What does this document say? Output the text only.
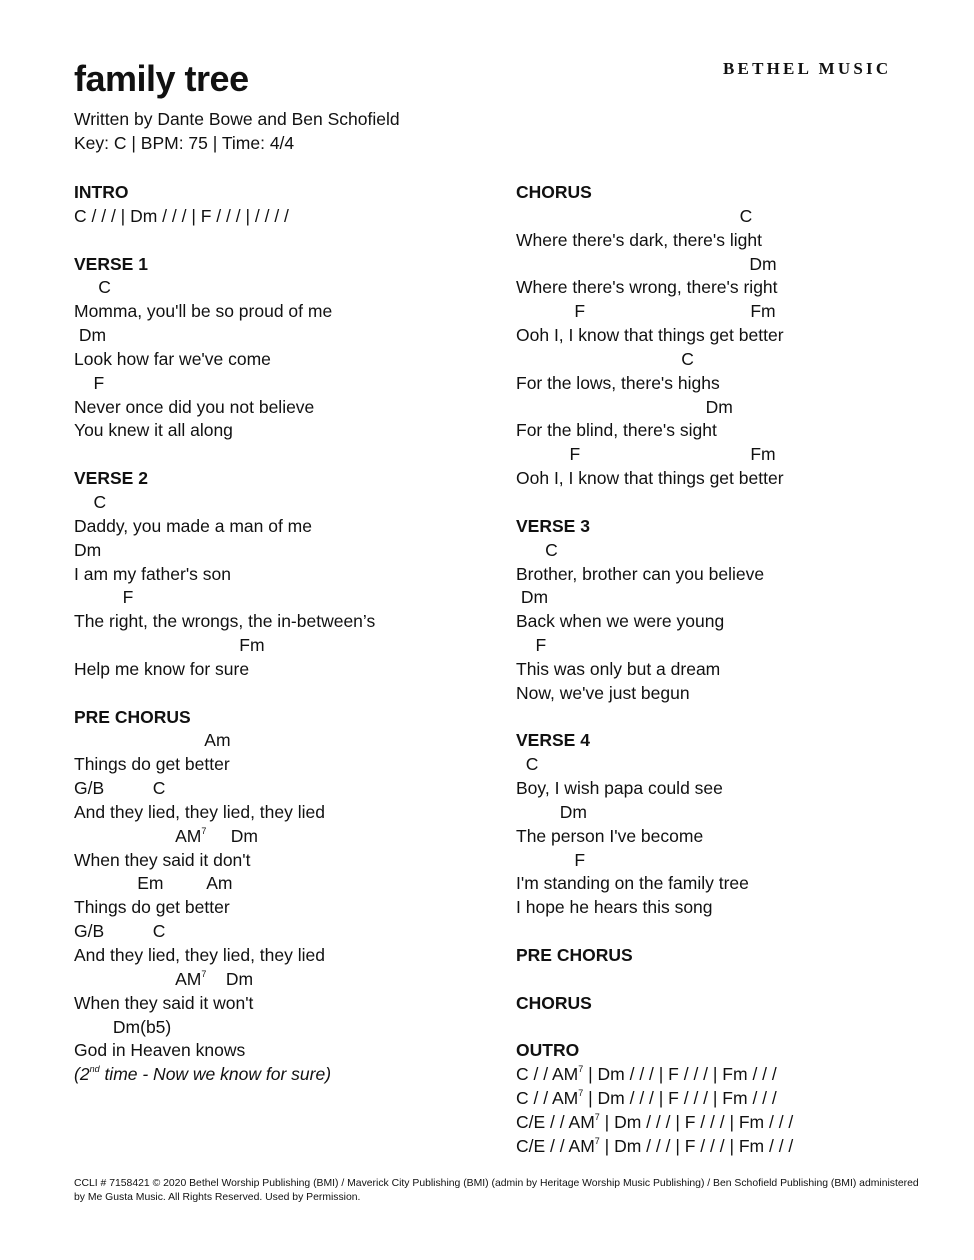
family tree	BETHEL MUSIC
Written by Dante Bowe and Ben Schofield
Key: C | BPM: 75 | Time: 4/4
INTRO
C / / / | Dm / / / | F / / / | / / / /
VERSE 1
C
Momma, you'll be so proud of me
Dm
Look how far we've come
F
Never once did you not believe
You knew it all along
VERSE 2
C
Daddy, you made a man of me
Dm
I am my father's son
F
The right, the wrongs, the in-between’s
Fm
Help me know for sure
PRE CHORUS
Am
Things do get better
G/B          C
And they lied, they lied, they lied
$AM^7$     Dm
When they said it don't
Em         Am
Things do get better
G/B          C
And they lied, they lied, they lied
$AM^7$    Dm
When they said it won't
Dm(b5)
God in Heaven knows
(2nd time - Now we know for sure)
CHORUS
C
Where there's dark, there's light
Dm
Where there's wrong, there's right
F                                  Fm
Ooh I, I know that things get better
C
For the lows, there's highs
Dm
For the blind, there's sight
F                                   Fm
Ooh I, I know that things get better
VERSE 3
C
Brother, brother can you believe
Dm
Back when we were young
F
This was only but a dream
Now, we've just begun
VERSE 4
C
Boy, I wish papa could see
Dm
The person I've become
F
I'm standing on the family tree
I hope he hears this song
PRE CHORUS
CHORUS
OUTRO
C / / $AM^7$ | Dm / / / | F / / / | Fm / / /
C / / $AM^7$ | Dm / / / | F / / / | Fm / / /
C/E / / $AM^7$ | Dm / / / | F / / / | Fm / / /
C/E / / $AM^7$ | Dm / / / | F / / / | Fm / / /
CCLI # 7158421 © 2020 Bethel Worship Publishing (BMI) / Maverick City Publishing (BMI) (admin by Heritage Worship Music Publishing) / Ben Schofield Publishing (BMI) administered by Me Gusta Music. All Rights Reserved. Used by Permission.
